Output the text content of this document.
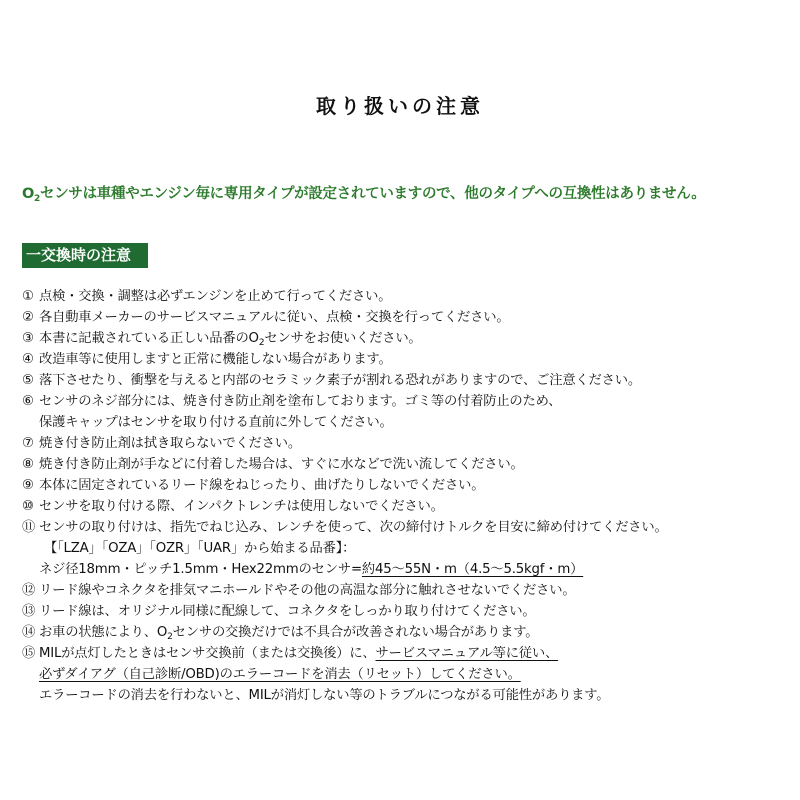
取り扱いの注意
$O_2$センサは車種やエンジン毎に専用タイプが設定されていますので、他のタイプへの互換性はありません。
一交換時の注意
① 点検・交換・調整は必ずエンジンを止めて行ってください。
② 各自動車メーカーのサービスマニュアルに従い、点検・交換を行ってください。
③ 本書に記載されている正しい品番の$O_2$センサをお使いください。
④ 改造車等に使用しますと正常に機能しない場合があります。
⑤ 落下させたり、衝撃を与えると内部のセラミック素子が割れる恐れがありますので、ご注意ください。
⑥ センサのネジ部分には、焼き付き防止剤を塗布しております。ゴミ等の付着防止のため、
保護キャップはセンサを取り付ける直前に外してください。
⑦ 焼き付き防止剤は拭き取らないでください。
⑧ 焼き付き防止剤が手などに付着した場合は、すぐに水などで洗い流してください。
⑨ 本体に固定されているリード線をねじったり、曲げたりしないでください。
⑩ センサを取り付ける際、インパクトレンチは使用しないでください。
⑪ センサの取り付けは、指先でねじ込み、レンチを使って、次の締付けトルクを目安に締め付けてください。
【「LZA」「OZA」「OZR」「UAR」から始まる品番】：
ネジ径18mm・ピッチ1.5mm・Hex22mmのセンサ=約45～55N・m（4.5～5.5kgf・m）
⑫ リード線やコネクタを排気マニホールドやその他の高温な部分に触れさせないでください。
⑬ リード線は、オリジナル同様に配線して、コネクタをしっかり取り付けてください。
⑭ お車の状態により、$O_2$センサの交換だけでは不具合が改善されない場合があります。
⑮ MILが点灯したときはセンサ交換前（または交換後）に、サービスマニュアル等に従い、
必ずダイアグ（自己診断/OBD)のエラーコードを消去（リセット）してください。
エラーコードの消去を行わないと、MILが消灯しない等のトラブルにつながる可能性があります。
